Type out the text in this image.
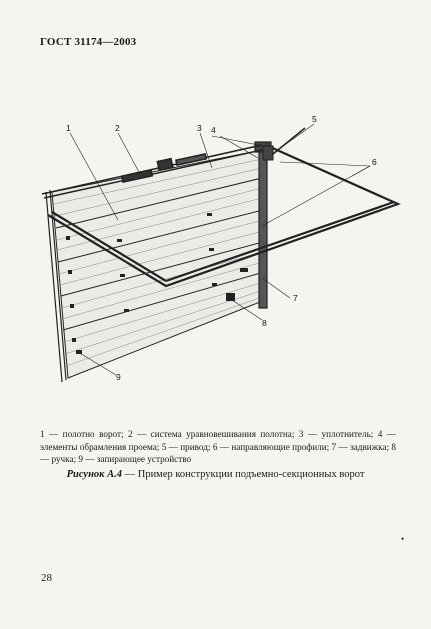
ГОСТ 31174—2003
1	2	3 4
5
6
7
8
9
1 — полотно ворот; 2 — система уравновешивания полотна; 3 — уплотнитель; 4 — элементы обрамления проема; 5 — привод; 6 — направляющие профили; 7 — задвижка; 8 — ручка; 9 — запирающее устройство
Рисунок А.4 — Пример конструкции подъемно-секционных ворот
•
28
